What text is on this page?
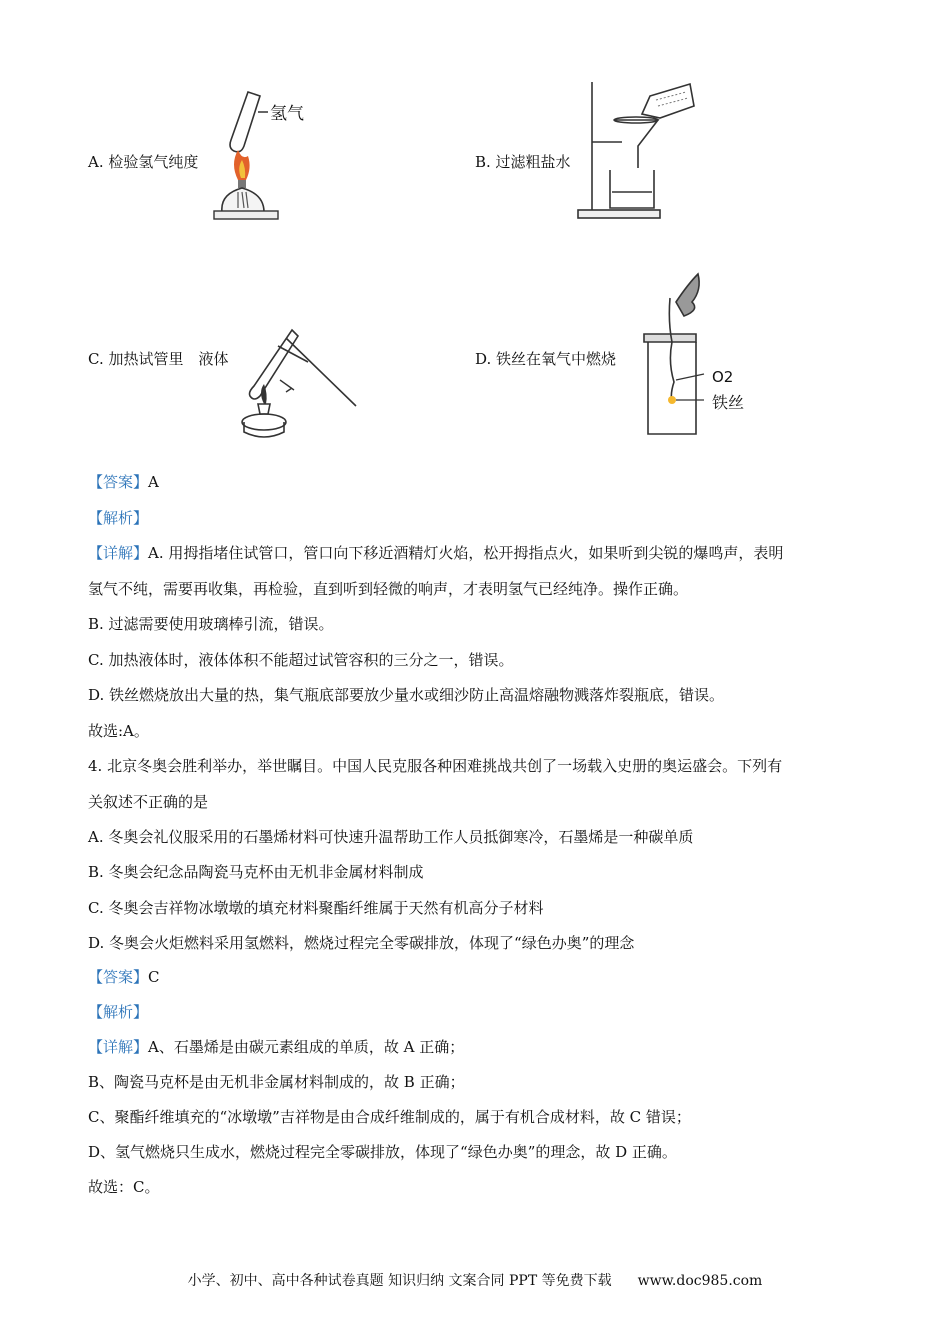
A. 检验氢气纯度	B. 过滤粗盐水
C. 加热试管里　液体	D. 铁丝在氧气中燃烧
氢气
O2
铁丝
【答案】A
【解析】
【详解】A. 用拇指堵住试管口，管口向下移近酒精灯火焰，松开拇指点火，如果听到尖锐的爆鸣声，表明
氢气不纯，需要再收集，再检验，直到听到轻微的响声，才表明氢气已经纯净。操作正确。
B. 过滤需要使用玻璃棒引流，错误。
C. 加热液体时，液体体积不能超过试管容积的三分之一，错误。
D. 铁丝燃烧放出大量的热，集气瓶底部要放少量水或细沙防止高温熔融物溅落炸裂瓶底，错误。
故选:A。
4. 北京冬奥会胜利举办，举世瞩目。中国人民克服各种困难挑战共创了一场载入史册的奥运盛会。下列有
关叙述不正确的是
A. 冬奥会礼仪服采用的石墨烯材料可快速升温帮助工作人员抵御寒冷，石墨烯是一种碳单质
B. 冬奥会纪念品陶瓷马克杯由无机非金属材料制成
C. 冬奥会吉祥物冰墩墩的填充材料聚酯纤维属于天然有机高分子材料
D. 冬奥会火炬燃料采用氢燃料，燃烧过程完全零碳排放，体现了“绿色办奥”的理念
【答案】C
【解析】
【详解】A、石墨烯是由碳元素组成的单质，故 A 正确；
B、陶瓷马克杯是由无机非金属材料制成的，故 B 正确；
C、聚酯纤维填充的“冰墩墩”吉祥物是由合成纤维制成的，属于有机合成材料，故 C 错误；
D、氢气燃烧只生成水，燃烧过程完全零碳排放，体现了“绿色办奥”的理念，故 D 正确。
故选：C。
小学、初中、高中各种试卷真题 知识归纳 文案合同 PPT 等免费下载 www.doc985.com
